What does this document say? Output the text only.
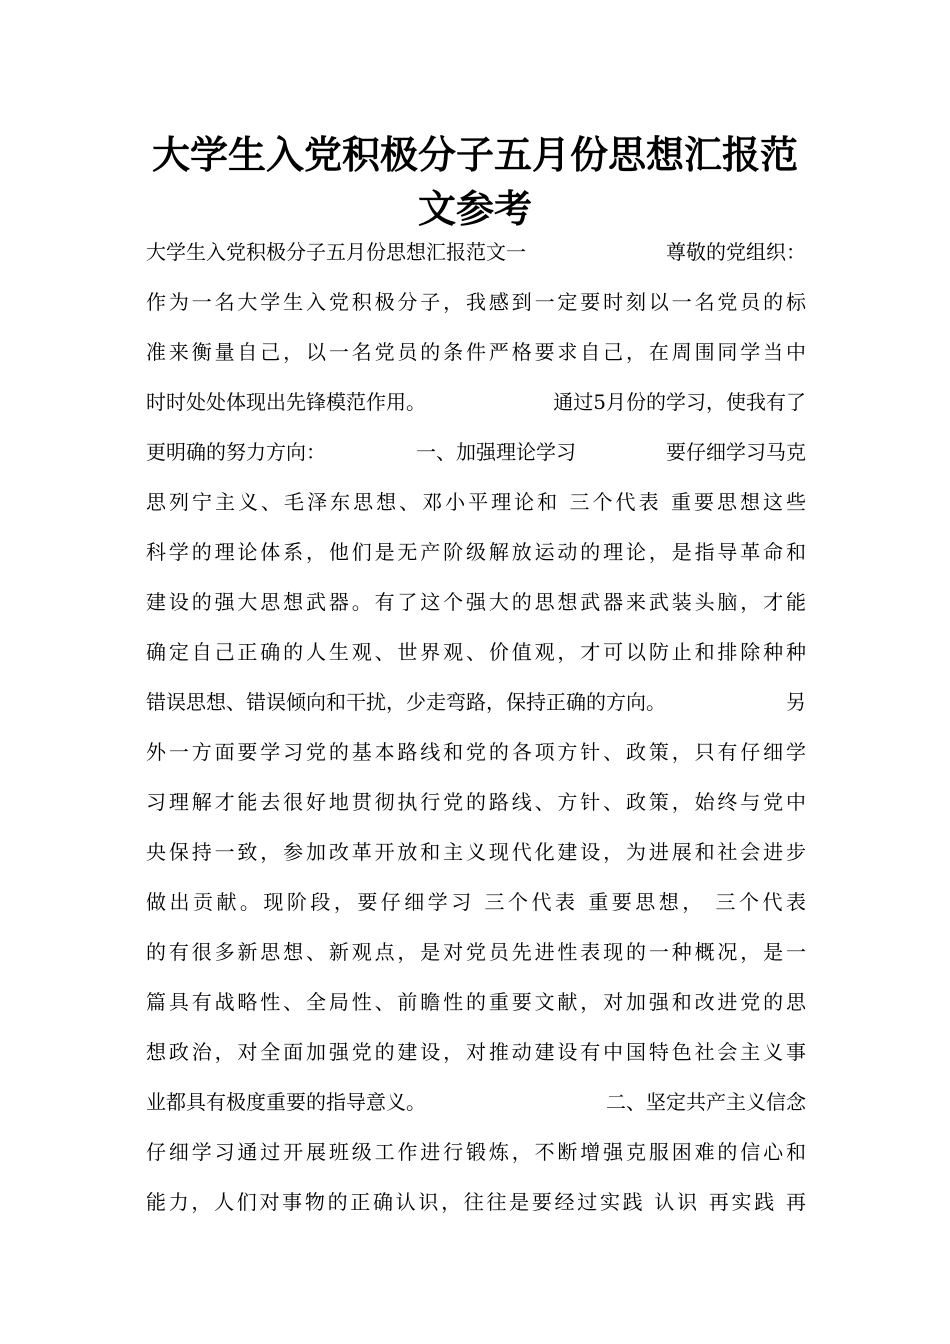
大学生入党积极分子五月份思想汇报范
文参考
大学生入党积极分子五月份思想汇报范文一	尊敬的党组织：
作为一名大学生入党积极分子，我感到一定要时刻以一名党员的标
准来衡量自己，以一名党员的条件严格要求自己，在周围同学当中
时时处处体现出先锋模范作用。	通过5月份的学习，使我有了
更明确的努力方向：	一、加强理论学习	要仔细学习马克
思列宁主义、毛泽东思想、邓小平理论和 三个代表 重要思想这些
科学的理论体系，他们是无产阶级解放运动的理论，是指导革命和
建设的强大思想武器。有了这个强大的思想武器来武装头脑，才能
确定自己正确的人生观、世界观、价值观，才可以防止和排除种种
错误思想、错误倾向和干扰，少走弯路，保持正确的方向。	另
外一方面要学习党的基本路线和党的各项方针、政策，只有仔细学
习理解才能去很好地贯彻执行党的路线、方针、政策，始终与党中
央保持一致，参加改革开放和主义现代化建设，为进展和社会进步
做出贡献。现阶段，要仔细学习 三个代表 重要思想， 三个代表
的有很多新思想、新观点，是对党员先进性表现的一种概况，是一
篇具有战略性、全局性、前瞻性的重要文献，对加强和改进党的思
想政治，对全面加强党的建设，对推动建设有中国特色社会主义事
业都具有极度重要的指导意义。	二、坚定共产主义信念
仔细学习通过开展班级工作进行锻炼，不断增强克服困难的信心和
能力，人们对事物的正确认识，往往是要经过实践 认识 再实践 再
